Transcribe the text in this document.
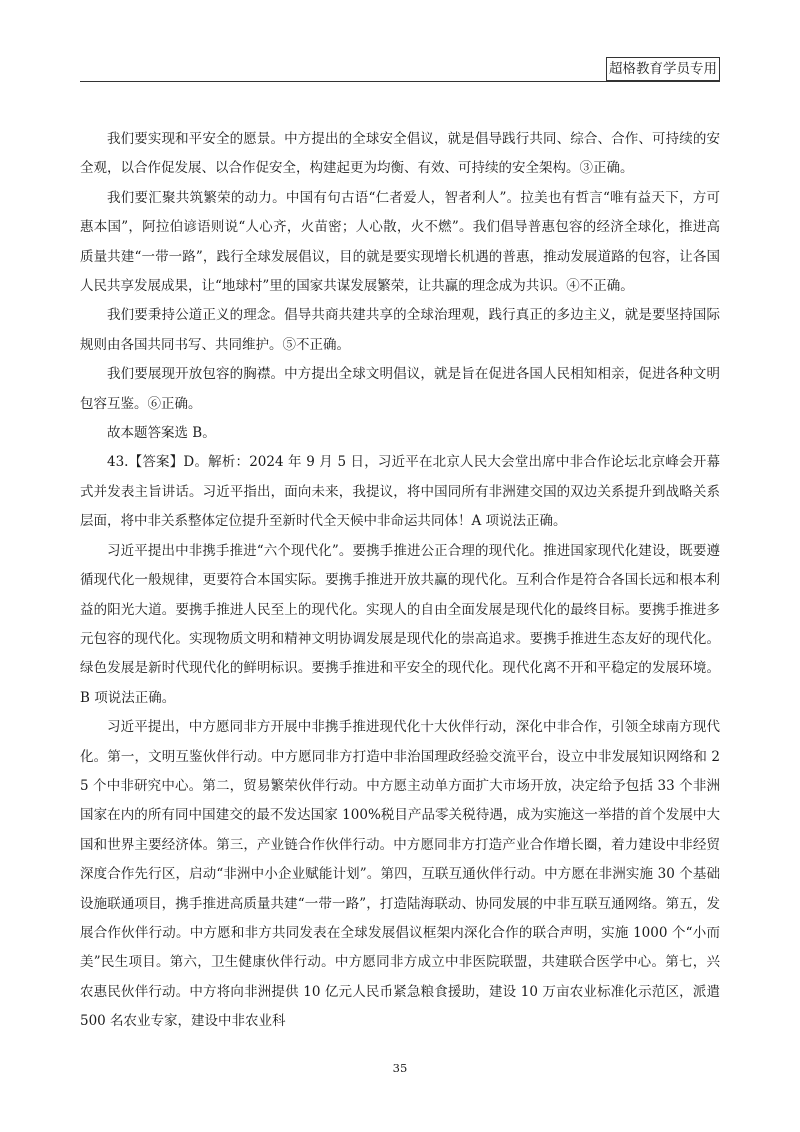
超格教育学员专用

我们要实现和平安全的愿景。中方提出的全球安全倡议，就是倡导践行共同、综合、合作、可持续的安全观，以合作促发展、以合作促安全，构建起更为均衡、有效、可持续的安全架构。③正确。

我们要汇聚共筑繁荣的动力。中国有句古语“仁者爱人，智者利人”。拉美也有哲言“唯有益天下，方可惠本国”，阿拉伯谚语则说“人心齐，火苗密；人心散，火不燃”。我们倡导普惠包容的经济全球化，推进高质量共建“一带一路”，践行全球发展倡议，目的就是要实现增长机遇的普惠，推动发展道路的包容，让各国人民共享发展成果，让“地球村”里的国家共谋发展繁荣，让共赢的理念成为共识。④不正确。

我们要秉持公道正义的理念。倡导共商共建共享的全球治理观，践行真正的多边主义，就是要坚持国际规则由各国共同书写、共同维护。⑤不正确。

我们要展现开放包容的胸襟。中方提出全球文明倡议，就是旨在促进各国人民相知相亲，促进各种文明包容互鉴。⑥正确。

故本题答案选 B。

43.【答案】D。解析：2024 年 9 月 5 日，习近平在北京人民大会堂出席中非合作论坛北京峰会开幕式并发表主旨讲话。习近平指出，面向未来，我提议，将中国同所有非洲建交国的双边关系提升到战略关系层面，将中非关系整体定位提升至新时代全天候中非命运共同体！A 项说法正确。

习近平提出中非携手推进“六个现代化”。要携手推进公正合理的现代化。推进国家现代化建设，既要遵循现代化一般规律，更要符合本国实际。要携手推进开放共赢的现代化。互利合作是符合各国长远和根本利益的阳光大道。要携手推进人民至上的现代化。实现人的自由全面发展是现代化的最终目标。要携手推进多元包容的现代化。实现物质文明和精神文明协调发展是现代化的崇高追求。要携手推进生态友好的现代化。绿色发展是新时代现代化的鲜明标识。要携手推进和平安全的现代化。现代化离不开和平稳定的发展环境。B 项说法正确。

习近平提出，中方愿同非方开展中非携手推进现代化十大伙伴行动，深化中非合作，引领全球南方现代化。第一，文明互鉴伙伴行动。中方愿同非方打造中非治国理政经验交流平台，设立中非发展知识网络和 25 个中非研究中心。第二，贸易繁荣伙伴行动。中方愿主动单方面扩大市场开放，决定给予包括 33 个非洲国家在内的所有同中国建交的最不发达国家 100%税目产品零关税待遇，成为实施这一举措的首个发展中大国和世界主要经济体。第三，产业链合作伙伴行动。中方愿同非方打造产业合作增长圈，着力建设中非经贸深度合作先行区，启动“非洲中小企业赋能计划”。第四，互联互通伙伴行动。中方愿在非洲实施 30 个基础设施联通项目，携手推进高质量共建“一带一路”，打造陆海联动、协同发展的中非互联互通网络。第五，发展合作伙伴行动。中方愿和非方共同发表在全球发展倡议框架内深化合作的联合声明，实施 1000 个“小而美”民生项目。第六，卫生健康伙伴行动。中方愿同非方成立中非医院联盟，共建联合医学中心。第七，兴农惠民伙伴行动。中方将向非洲提供 10 亿元人民币紧急粮食援助，建设 10 万亩农业标准化示范区，派遣 500 名农业专家，建设中非农业科

35
